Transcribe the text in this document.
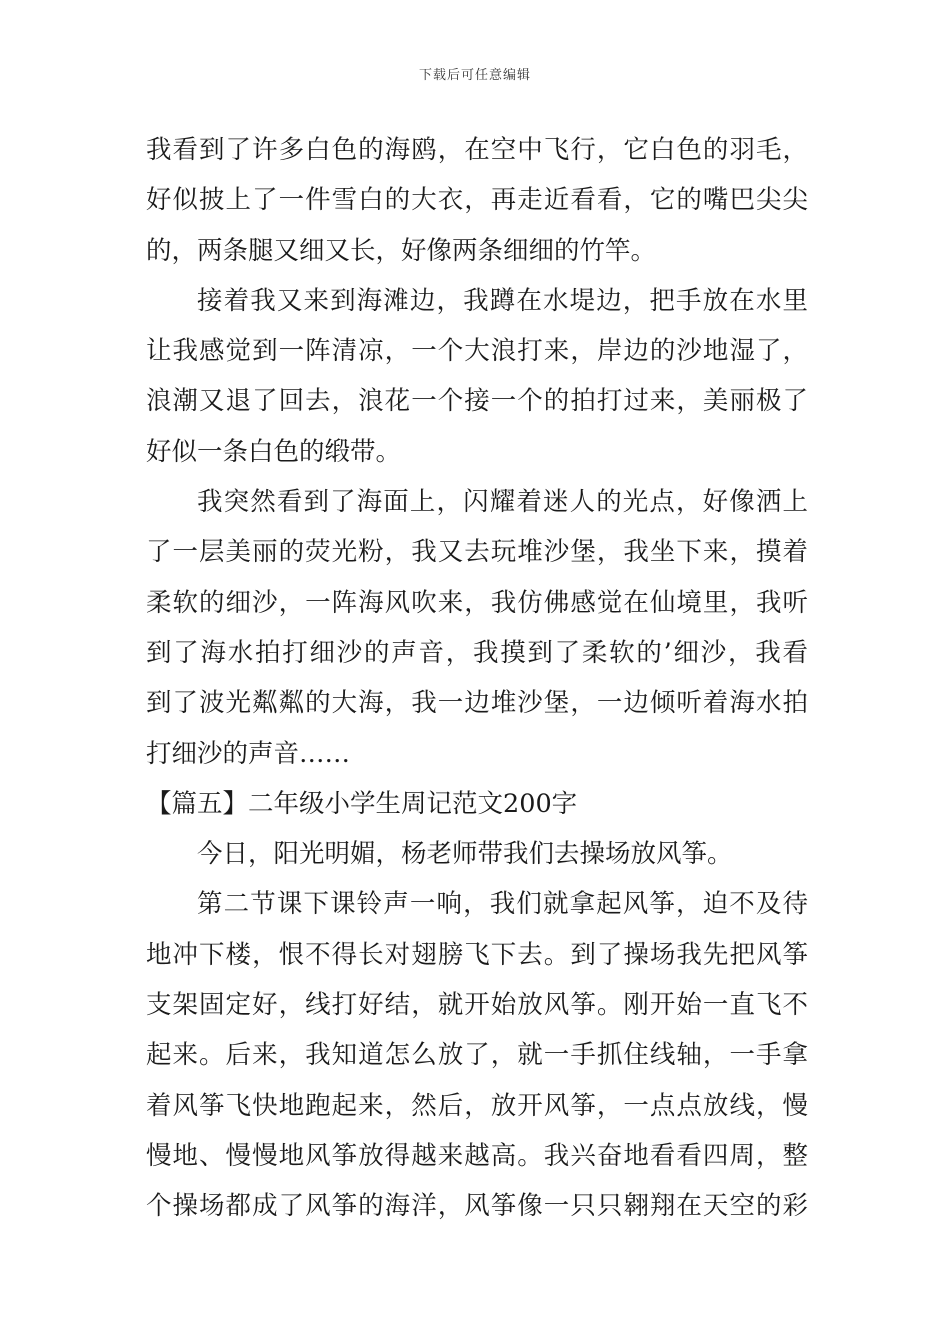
下载后可任意编辑
我看到了许多白色的海鸥，在空中飞行，它白色的羽毛，
好似披上了一件雪白的大衣，再走近看看，它的嘴巴尖尖
的，两条腿又细又长，好像两条细细的竹竿。
接着我又来到海滩边，我蹲在水堤边，把手放在水里
让我感觉到一阵清凉，一个大浪打来，岸边的沙地湿了，
浪潮又退了回去，浪花一个接一个的拍打过来，美丽极了
好似一条白色的缎带。
我突然看到了海面上，闪耀着迷人的光点，好像洒上
了一层美丽的荧光粉，我又去玩堆沙堡，我坐下来，摸着
柔软的细沙，一阵海风吹来，我仿佛感觉在仙境里，我听
到了海水拍打细沙的声音，我摸到了柔软的’细沙，我看
到了波光粼粼的大海，我一边堆沙堡，一边倾听着海水拍
打细沙的声音……
【篇五】二年级小学生周记范文200字
今日，阳光明媚，杨老师带我们去操场放风筝。
第二节课下课铃声一响，我们就拿起风筝，迫不及待
地冲下楼，恨不得长对翅膀飞下去。到了操场我先把风筝
支架固定好，线打好结，就开始放风筝。刚开始一直飞不
起来。后来，我知道怎么放了，就一手抓住线轴，一手拿
着风筝飞快地跑起来，然后，放开风筝，一点点放线，慢
慢地、慢慢地风筝放得越来越高。我兴奋地看看四周，整
个操场都成了风筝的海洋，风筝像一只只翱翔在天空的彩
